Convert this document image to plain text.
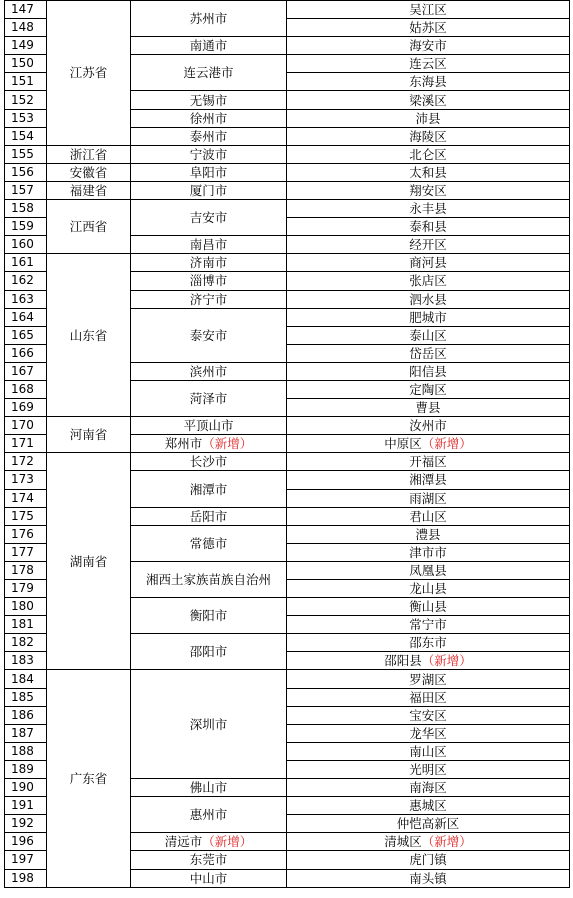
147	江苏省	苏州市	吴江区
148			姑苏区
149		南通市	海安市
150		连云港市	连云区
151			东海县
152		无锡市	梁溪区
153		徐州市	沛县
154		泰州市	海陵区
155	浙江省	宁波市	北仑区
156	安徽省	阜阳市	太和县
157	福建省	厦门市	翔安区
158	江西省	吉安市	永丰县
159			泰和县
160		南昌市	经开区
161	山东省	济南市	商河县
162		淄博市	张店区
163		济宁市	泗水县
164		泰安市	肥城市
165			泰山区
166			岱岳区
167		滨州市	阳信县
168		菏泽市	定陶区
169			曹县
170	河南省	平顶山市	汝州市
171		郑州市（新增）	中原区（新增）
172	湖南省	长沙市	开福区
173		湘潭市	湘潭县
174			雨湖区
175		岳阳市	君山区
176		常德市	澧县
177			津市市
178		湘西土家族苗族自治州	凤凰县
179			龙山县
180		衡阳市	衡山县
181			常宁市
182		邵阳市	邵东市
183			邵阳县（新增）
184	广东省	深圳市	罗湖区
185			福田区
186			宝安区
187			龙华区
188			南山区
189			光明区
190		佛山市	南海区
191		惠州市	惠城区
192			仲恺高新区
196		清远市（新增）	清城区（新增）
197		东莞市	虎门镇
198		中山市	南头镇
